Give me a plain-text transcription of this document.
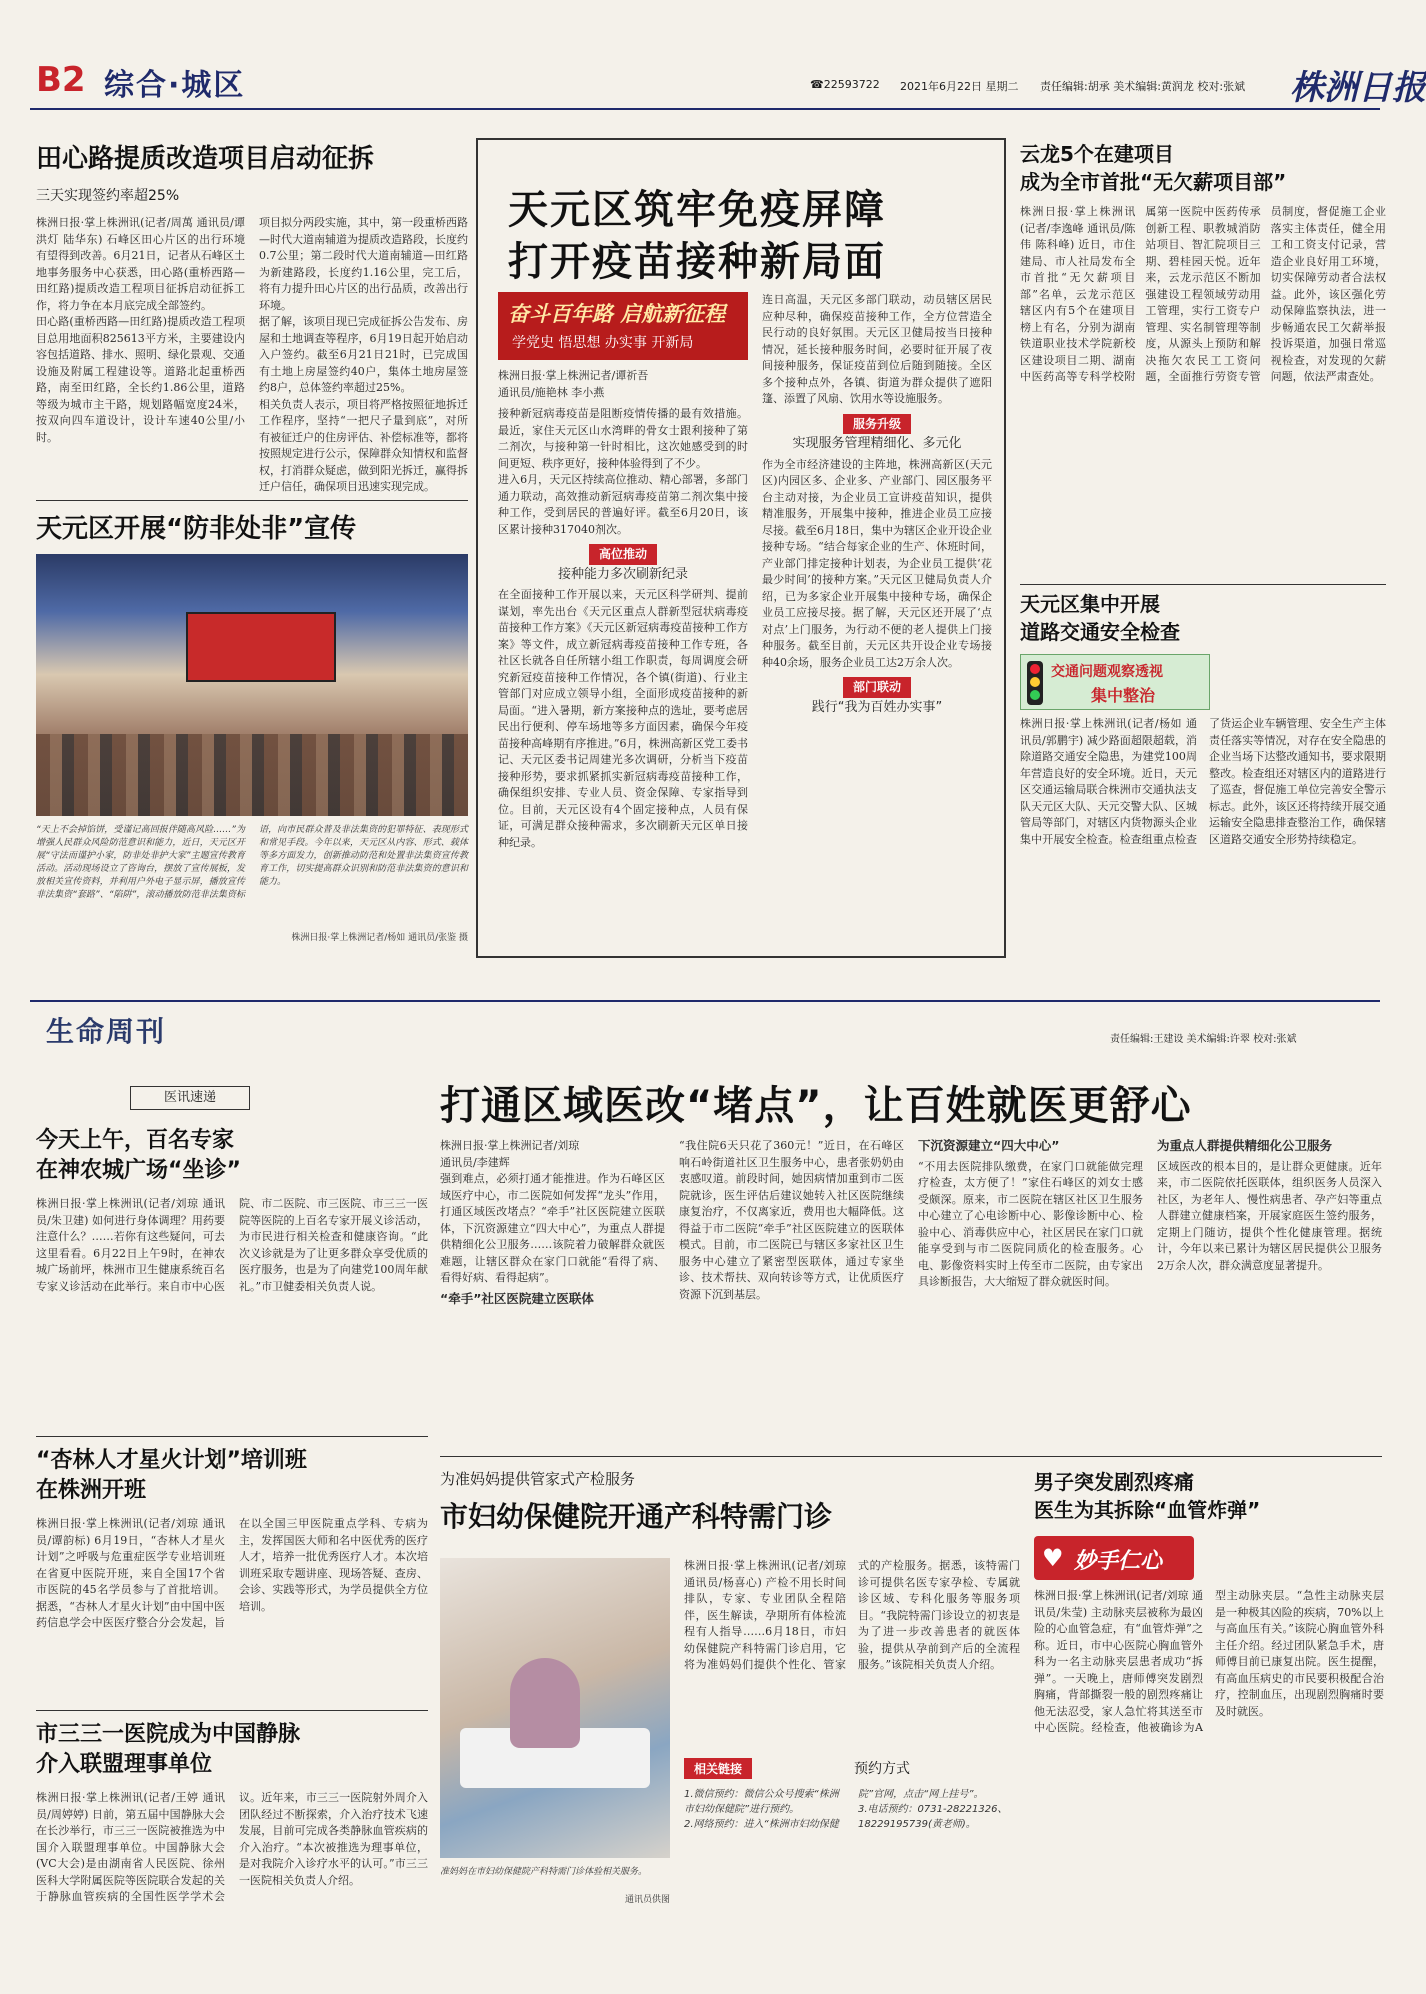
B2 综合·城区	☎22593722 2021年6月22日 星期二 责任编辑:胡承 美术编辑:黄润龙 校对:张斌 株洲日报
田心路提质改造项目启动征拆
三天实现签约率超25%

株洲日报·掌上株洲讯(记者/周萬 通讯员/谭洪灯 陆华东) 石峰区田心片区的出行环境有望得到改善。6月21日，记者从石峰区土地事务服务中心获悉，田心路(重桥西路—田红路)提质改造工程项目征拆启动征拆工作，将力争在本月底完成全部签约。

田心路(重桥西路—田红路)提质改造工程项目总用地面积825613平方米，主要建设内容包括道路、排水、照明、绿化景观、交通设施及附属工程建设等。道路北起重桥西路，南至田红路，全长约1.86公里，道路等级为城市主干路，规划路幅宽度24米，按双向四车道设计，设计车速40公里/小时。

项目拟分两段实施，其中，第一段重桥西路—时代大道南辅道为提质改造路段，长度约0.7公里；第二段时代大道南辅道—田红路为新建路段，长度约1.16公里，完工后，将有力提升田心片区的出行品质，改善出行环境。

据了解，该项目现已完成征拆公告发布、房屋和土地调查等程序，6月19日起开始启动入户签约。截至6月21日21时，已完成国有土地上房屋签约40户，集体土地房屋签约8户，总体签约率超过25%。

相关负责人表示，项目将严格按照征地拆迁工作程序，坚持“一把尺子量到底”，对所有被征迁户的住房评估、补偿标准等，都将按照规定进行公示，保障群众知情权和监督权，打消群众疑虑，做到阳光拆迁，赢得拆迁户信任，确保项目迅速实现完成。

天元区开展“防非处非”宣传
“天上不会掉馅饼，受谨记高回报伴随高风险……”为增强人民群众风险防范意识和能力，近日，天元区开展“守法而谨护小家，防非处非护大家”主题宣传教育活动。活动现场设立了咨询台，摆放了宣传展板，发放相关宣传资料，并利用户外电子显示屏，播放宣传非法集资“套路”、“陷阱”，滚动播放防范非法集资标语，向市民群众普及非法集资的犯罪特征、表现形式和常见手段。今年以来，天元区从内容、形式、载体等多方面发力，创新推动防范和处置非法集资宣传教育工作，切实提高群众识别和防范非法集资的意识和能力。
株洲日报·掌上株洲记者/杨如 通讯员/张鉴 摄
天元区筑牢免疫屏障
打开疫苗接种新局面
奋斗百年路 启航新征程
学党史 悟思想 办实事 开新局
株洲日报·掌上株洲记者/谭祈吾
通讯员/施艳林 李小燕

接种新冠病毒疫苗是阻断疫情传播的最有效措施。最近，家住天元区山水湾畔的骨女士跟利接种了第二剂次，与接种第一针时相比，这次她感受到的时间更短、秩序更好，接种体验得到了不少。

进入6月，天元区持续高位推动、精心部署，多部门通力联动，高效推动新冠病毒疫苗第二剂次集中接种工作，受到居民的普遍好评。截至6月20日，该区累计接种317040剂次。

高位推动
接种能力多次刷新纪录

在全面接种工作开展以来，天元区科学研判、提前谋划，率先出台《天元区重点人群新型冠状病毒疫苗接种工作方案》《天元区新冠病毒疫苗接种工作方案》等文件，成立新冠病毒疫苗接种工作专班，各社区长就各自任所辖小组工作职责，每周调度会研究新冠疫苗接种工作情况，各个镇(街道)、行业主管部门对应成立领导小组，全面形成疫苗接种的新局面。“进入暑期，新方案接种点的选址，要考虑居民出行便利、停车场地等多方面因素，确保今年疫苗接种高峰期有序推进。”6月，株洲高新区党工委书记、天元区委书记周建光多次调研，分析当下疫苗接种形势，要求抓紧抓实新冠病毒疫苗接种工作，确保组织安排、专业人员、资金保障、专家指导到位。目前，天元区设有4个固定接种点，人员有保证，可满足群众接种需求，多次刷新天元区单日接种纪录。

连日高温，天元区多部门联动，动员辖区居民应种尽种，确保疫苗接种工作，全方位营造全民行动的良好氛围。天元区卫健局按当日接种情况，延长接种服务时间，必要时征开展了夜间接种服务，保证疫苗到位后随到随接。全区多个接种点外，各镇、街道为群众提供了遮阳篷、添置了风扇、饮用水等设施服务。

服务升级
实现服务管理精细化、多元化

作为全市经济建设的主阵地，株洲高新区(天元区)内园区多、企业多、产业部门、园区服务平台主动对接，为企业员工宣讲疫苗知识，提供精准服务，开展集中接种，推进企业员工应接尽接。截至6月18日，集中为辖区企业开设企业接种专场。“结合每家企业的生产、休班时间，产业部门排定接种计划表，为企业员工提供‘花最少时间’的接种方案。”天元区卫健局负责人介绍，已为多家企业开展集中接种专场，确保企业员工应接尽接。据了解，天元区还开展了‘点对点’上门服务，为行动不便的老人提供上门接种服务。截至目前，天元区共开设企业专场接种40余场，服务企业员工达2万余人次。

部门联动
践行“我为百姓办实事”
云龙5个在建项目
成为全市首批“无欠薪项目部”
株洲日报·掌上株洲讯(记者/李逸峰 通讯员/陈伟 陈科峰) 近日，市住建局、市人社局发布全市首批“无欠薪项目部”名单，云龙示范区辖区内有5个在建项目榜上有名，分别为湖南铁道职业技术学院新校区建设项目二期、湖南中医药高等专科学校附属第一医院中医药传承创新工程、职教城消防站项目、智汇院项目三期、碧桂园天悦。近年来，云龙示范区不断加强建设工程领域劳动用工管理，实行工资专户管理、实名制管理等制度，从源头上预防和解决拖欠农民工工资问题，全面推行劳资专管员制度，督促施工企业落实主体责任，健全用工和工资支付记录，营造企业良好用工环境，切实保障劳动者合法权益。此外，该区强化劳动保障监察执法，进一步畅通农民工欠薪举报投诉渠道，加强日常巡视检查，对发现的欠薪问题，依法严肃查处。
天元区集中开展
道路交通安全检查
交通问题观察透视
集中整治
株洲日报·掌上株洲讯(记者/杨如 通讯员/郭鹏宇) 减少路面超限超载，消除道路交通安全隐患，为建党100周年营造良好的安全环境。近日，天元区交通运输局联合株洲市交通执法支队天元区大队、天元交警大队、区城管局等部门，对辖区内货物源头企业集中开展安全检查。检查组重点检查了货运企业车辆管理、安全生产主体责任落实等情况，对存在安全隐患的企业当场下达整改通知书，要求限期整改。检查组还对辖区内的道路进行了巡查，督促施工单位完善安全警示标志。此外，该区还将持续开展交通运输安全隐患排查整治工作，确保辖区道路交通安全形势持续稳定。
生命周刊	责任编辑:王建设 美术编辑:许翠 校对:张斌
医讯速递	打通区域医改“堵点”，让百姓就医更舒心

株洲日报·掌上株洲记者/刘琼
通讯员/李建辉

强到难点，必须打通才能推进。作为石峰区区域医疗中心，市二医院如何发挥“龙头”作用，打通区域医改堵点？“牵手”社区医院建立医联体，下沉资源建立“四大中心”，为重点人群提供精细化公卫服务……该院着力破解群众就医难题，让辖区群众在家门口就能“看得了病、看得好病、看得起病”。

“牵手”社区医院建立医联体

“我住院6天只花了360元！”近日，在石峰区响石岭街道社区卫生服务中心，患者张奶奶由衷感叹道。前段时间，她因病情加重到市二医院就诊，医生评估后建议她转入社区医院继续康复治疗，不仅离家近，费用也大幅降低。这得益于市二医院“牵手”社区医院建立的医联体模式。目前，市二医院已与辖区多家社区卫生服务中心建立了紧密型医联体，通过专家坐诊、技术帮扶、双向转诊等方式，让优质医疗资源下沉到基层。

下沉资源建立“四大中心”

“不用去医院排队缴费，在家门口就能做完理疗检查，太方便了！”家住石峰区的刘女士感受颇深。原来，市二医院在辖区社区卫生服务中心建立了心电诊断中心、影像诊断中心、检验中心、消毒供应中心，社区居民在家门口就能享受到与市二医院同质化的检查服务。心电、影像资料实时上传至市二医院，由专家出具诊断报告，大大缩短了群众就医时间。

为重点人群提供精细化公卫服务

区域医改的根本目的，是让群众更健康。近年来，市二医院依托医联体，组织医务人员深入社区，为老年人、慢性病患者、孕产妇等重点人群建立健康档案，开展家庭医生签约服务，定期上门随访，提供个性化健康管理。据统计，今年以来已累计为辖区居民提供公卫服务2万余人次，群众满意度显著提升。

今天上午，百名专家
在神农城广场“坐诊”
株洲日报·掌上株洲讯(记者/刘琼 通讯员/朱卫建) 如何进行身体调理？用药要注意什么？……若你有这些疑问，可去这里看看。6月22日上午9时，在神农城广场前坪，株洲市卫生健康系统百名专家义诊活动在此举行。来自市中心医院、市二医院、市三医院、市三三一医院等医院的上百名专家开展义诊活动，为市民进行相关检查和健康咨询。“此次义诊就是为了让更多群众享受优质的医疗服务，也是为了向建党100周年献礼。”市卫健委相关负责人说。
“杏林人才星火计划”培训班
在株洲开班
株洲日报·掌上株洲讯(记者/刘琼 通讯员/谭韵标) 6月19日，“杏林人才星火计划”之呼吸与危重症医学专业培训班在省夏中医院开班，来自全国17个省市医院的45名学员参与了首批培训。据悉，“杏林人才星火计划”由中国中医药信息学会中医医疗整合分会发起，旨在以全国三甲医院重点学科、专病为主，发挥国医大师和名中医优秀的医疗人才，培养一批优秀医疗人才。本次培训班采取专题讲座、现场答疑、查房、会诊、实践等形式，为学员提供全方位培训。
市三三一医院成为中国静脉
介入联盟理事单位
株洲日报·掌上株洲讯(记者/王婷 通讯员/周婷婷) 日前，第五届中国静脉大会在长沙举行，市三三一医院被推选为中国介入联盟理事单位。中国静脉大会(VC大会)是由湖南省人民医院、徐州医科大学附属医院等医院联合发起的关于静脉血管疾病的全国性医学学术会议。近年来，市三三一医院射外周介入团队经过不断探索，介入治疗技术飞速发展，目前可完成各类静脉血管疾病的介入治疗。“本次被推选为理事单位，是对我院介入诊疗水平的认可。”市三三一医院相关负责人介绍。
为准妈妈提供管家式产检服务
市妇幼保健院开通产科特需门诊
准妈妈在市妇幼保健院产科特需门诊体验相关服务。
通讯员供图
株洲日报·掌上株洲讯(记者/刘琼 通讯员/杨喜心) 产检不用长时间排队，专家、专业团队全程陪伴，医生解读，孕期所有体检流程有人指导……6月18日，市妇幼保健院产科特需门诊启用，它将为准妈妈们提供个性化、管家式的产检服务。据悉，该特需门诊可提供名医专家孕检、专属就诊区域、专科化服务等服务项目。“我院特需门诊设立的初衷是为了进一步改善患者的就医体验，提供从孕前到产后的全流程服务。”该院相关负责人介绍。
相关链接	预约方式
1.微信预约：微信公众号搜索“株洲市妇幼保健院”进行预约。
2.网络预约：进入“株洲市妇幼保健院”官网，点击“网上挂号”。
3.电话预约：0731-28221326、18229195739(黄老师)。
男子突发剧烈疼痛
医生为其拆除“血管炸弹”
♥ 妙手仁心
株洲日报·掌上株洲讯(记者/刘琼 通讯员/朱莹) 主动脉夹层被称为最凶险的心血管急症，有“血管炸弹”之称。近日，市中心医院心胸血管外科为一名主动脉夹层患者成功“拆弹”。一天晚上，唐师傅突发剧烈胸痛，背部撕裂一般的剧烈疼痛让他无法忍受，家人急忙将其送至市中心医院。经检查，他被确诊为A型主动脉夹层。“急性主动脉夹层是一种极其凶险的疾病，70%以上与高血压有关。”该院心胸血管外科主任介绍。经过团队紧急手术，唐师傅目前已康复出院。医生提醒，有高血压病史的市民要积极配合治疗，控制血压，出现剧烈胸痛时要及时就医。
